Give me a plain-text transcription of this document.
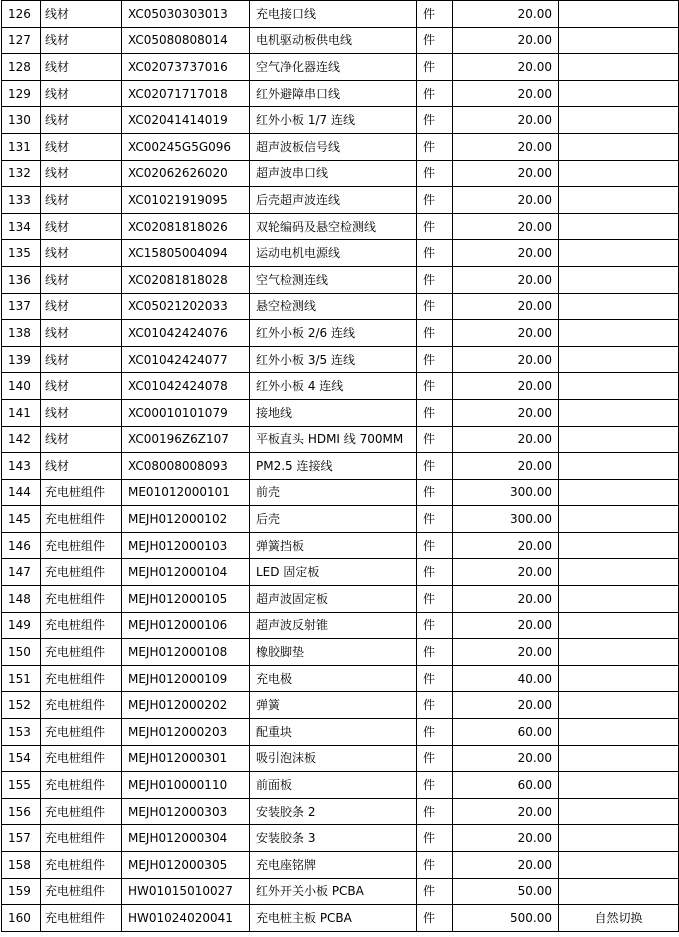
126	线材	XC05030303013	充电接口线	件	20.00	
127	线材	XC05080808014	电机驱动板供电线	件	20.00	
128	线材	XC02073737016	空气净化器连线	件	20.00	
129	线材	XC02071717018	红外避障串口线	件	20.00	
130	线材	XC02041414019	红外小板 1/7 连线	件	20.00	
131	线材	XC00245G5G096	超声波板信号线	件	20.00	
132	线材	XC02062626020	超声波串口线	件	20.00	
133	线材	XC01021919095	后壳超声波连线	件	20.00	
134	线材	XC02081818026	双轮编码及悬空检测线	件	20.00	
135	线材	XC15805004094	运动电机电源线	件	20.00	
136	线材	XC02081818028	空气检测连线	件	20.00	
137	线材	XC05021202033	悬空检测线	件	20.00	
138	线材	XC01042424076	红外小板 2/6 连线	件	20.00	
139	线材	XC01042424077	红外小板 3/5 连线	件	20.00	
140	线材	XC01042424078	红外小板 4 连线	件	20.00	
141	线材	XC00010101079	接地线	件	20.00	
142	线材	XC00196Z6Z107	平板直头 HDMI 线 700MM	件	20.00	
143	线材	XC08008008093	PM2.5 连接线	件	20.00	
144	充电桩组件	ME01012000101	前壳	件	300.00	
145	充电桩组件	MEJH012000102	后壳	件	300.00	
146	充电桩组件	MEJH012000103	弹簧挡板	件	20.00	
147	充电桩组件	MEJH012000104	LED 固定板	件	20.00	
148	充电桩组件	MEJH012000105	超声波固定板	件	20.00	
149	充电桩组件	MEJH012000106	超声波反射锥	件	20.00	
150	充电桩组件	MEJH012000108	橡胶脚垫	件	20.00	
151	充电桩组件	MEJH012000109	充电极	件	40.00	
152	充电桩组件	MEJH012000202	弹簧	件	20.00	
153	充电桩组件	MEJH012000203	配重块	件	60.00	
154	充电桩组件	MEJH012000301	吸引泡沫板	件	20.00	
155	充电桩组件	MEJH010000110	前面板	件	60.00	
156	充电桩组件	MEJH012000303	安装胶条 2	件	20.00	
157	充电桩组件	MEJH012000304	安装胶条 3	件	20.00	
158	充电桩组件	MEJH012000305	充电座铭牌	件	20.00	
159	充电桩组件	HW01015010027	红外开关小板 PCBA	件	50.00	
160	充电桩组件	HW01024020041	充电桩主板 PCBA	件	500.00	自然切换
